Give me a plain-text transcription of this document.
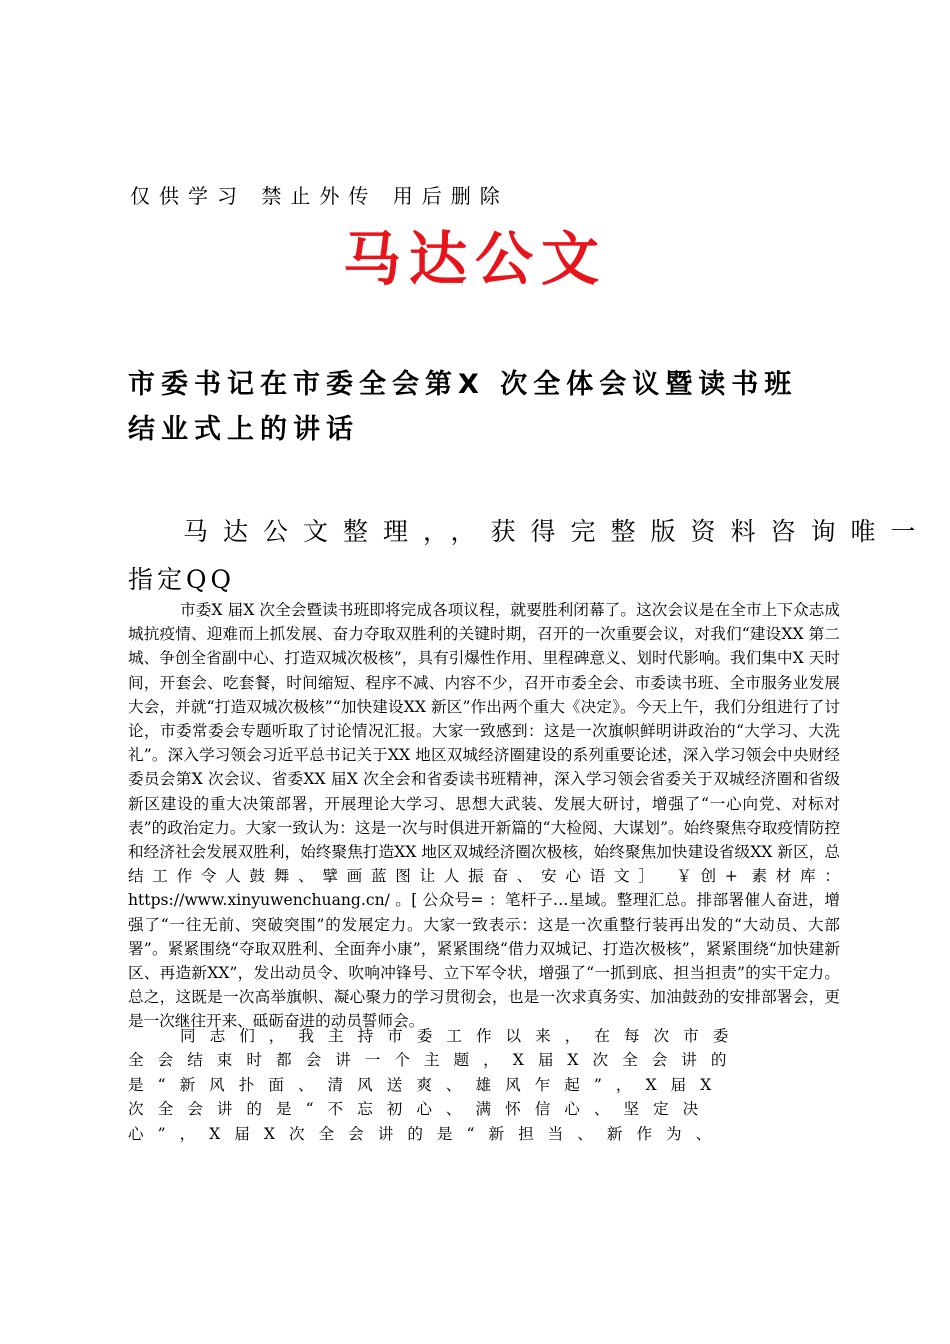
仅供学习 禁止外传 用后删除
马达公文
市委书记在市委全会第X 次全体会议暨读书班
结业式上的讲话
马达公文整理，，获得完整版资料咨询唯一
指定QQ

市委X 届X 次全会暨读书班即将完成各项议程，就要胜利闭幕了。这次会议是在全市上下众志成城抗疫情、迎难而上抓发展、奋力夺取双胜利的关键时期，召开的一次重要会议，对我们“建设XX 第二城、争创全省副中心、打造双城次极核”，具有引爆性作用、里程碑意义、划时代影响。我们集中X 天时间，开套会、吃套餐，时间缩短、程序不减、内容不少，召开市委全会、市委读书班、全市服务业发展大会，并就“打造双城次极核”“加快建设XX 新区”作出两个重大《决定》。今天上午，我们分组进行了讨论，市委常委会专题听取了讨论情况汇报。大家一致感到：这是一次旗帜鲜明讲政治的“大学习、大洗礼”。深入学习领会习近平总书记关于XX 地区双城经济圈建设的系列重要论述，深入学习领会中央财经委员会第X 次会议、省委XX 届X 次全会和省委读书班精神，深入学习领会省委关于双城经济圈和省级新区建设的重大决策部署，开展理论大学习、思想大武装、发展大研讨，增强了“一心向党、对标对表”的政治定力。大家一致认为：这是一次与时俱进开新篇的“大检阅、大谋划”。始终聚焦夺取疫情防控和经济社会发展双胜利，始终聚焦打造XX 地区双城经济圈次极核，始终聚焦加快建设省级XX 新区，总结工作令人鼓舞、擘画蓝图让人振奋、安心语文］ ￥创+ 素材库：https://www.xinyuwenchuang.cn/ 。[ 公众号= ：笔杆子…星域。整理汇总。排部署催人奋进，增强了“一往无前、突破突围”的发展定力。大家一致表示：这是一次重整行装再出发的“大动员、大部署”。紧紧围绕“夺取双胜利、全面奔小康”，紧紧围绕“借力双城记、打造次极核”，紧紧围绕“加快建新区、再造新XX”，发出动员令、吹响冲锋号、立下军令状，增强了“一抓到底、担当担责”的实干定力。总之，这既是一次高举旗帜、凝心聚力的学习贯彻会，也是一次求真务实、加油鼓劲的安排部署会，更是一次继往开来、砥砺奋进的动员誓师会。

同志们，我主持市委工作以来，在每次市委
全会结束时都会讲一个主题，X届X次全会讲的
是“新风扑面、清风送爽、雄风乍起”，X届X
次全会讲的是“不忘初心、满怀信心、坚定决
心”，X届X次全会讲的是“新担当、新作为、
